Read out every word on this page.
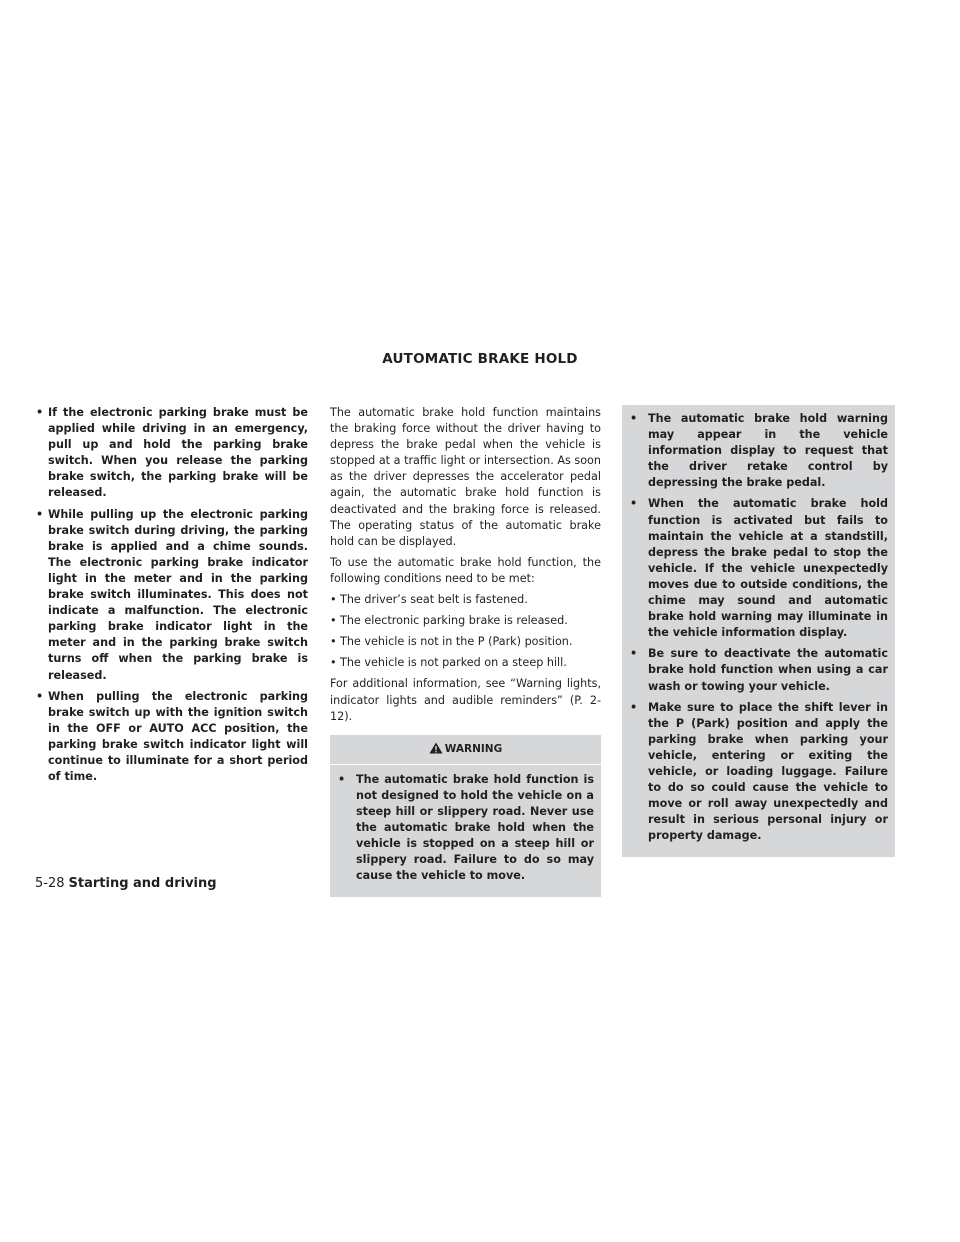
AUTOMATIC BRAKE HOLD
• If the electronic parking brake must be applied while driving in an emergency, pull up and hold the parking brake switch. When you release the parking brake switch, the parking brake will be released.
• While pulling up the electronic parking brake switch during driving, the parking brake is applied and a chime sounds. The electronic parking brake indicator light in the meter and in the parking brake switch illuminates. This does not indicate a malfunction. The electronic parking brake indicator light in the meter and in the parking brake switch turns off when the parking brake is released.
• When pulling the electronic parking brake switch up with the ignition switch in the OFF or AUTO ACC position, the parking brake switch indicator light will continue to illuminate for a short period of time.

The automatic brake hold function maintains the braking force without the driver having to depress the brake pedal when the vehicle is stopped at a traffic light or intersection. As soon as the driver depresses the accelerator pedal again, the automatic brake hold function is deactivated and the braking force is released. The operating status of the automatic brake hold can be displayed.

To use the automatic brake hold function, the following conditions need to be met:

• The driver’s seat belt is fastened.
• The electronic parking brake is released.
• The vehicle is not in the P (Park) position.
• The vehicle is not parked on a steep hill.

For additional information, see “Warning lights, indicator lights and audible reminders” (P. 2-12).

WARNING
• The automatic brake hold function is not designed to hold the vehicle on a steep hill or slippery road. Never use the automatic brake hold when the vehicle is stopped on a steep hill or slippery road. Failure to do so may cause the vehicle to move.
• The automatic brake hold warning may appear in the vehicle information display to request that the driver retake control by depressing the brake pedal.
• When the automatic brake hold function is activated but fails to maintain the vehicle at a standstill, depress the brake pedal to stop the vehicle. If the vehicle unexpectedly moves due to outside conditions, the chime may sound and automatic brake hold warning may illuminate in the vehicle information display.
• Be sure to deactivate the automatic brake hold function when using a car wash or towing your vehicle.
• Make sure to place the shift lever in the P (Park) position and apply the parking brake when parking your vehicle, entering or exiting the vehicle, or loading luggage. Failure to do so could cause the vehicle to move or roll away unexpectedly and result in serious personal injury or property damage.
5-28 Starting and driving
